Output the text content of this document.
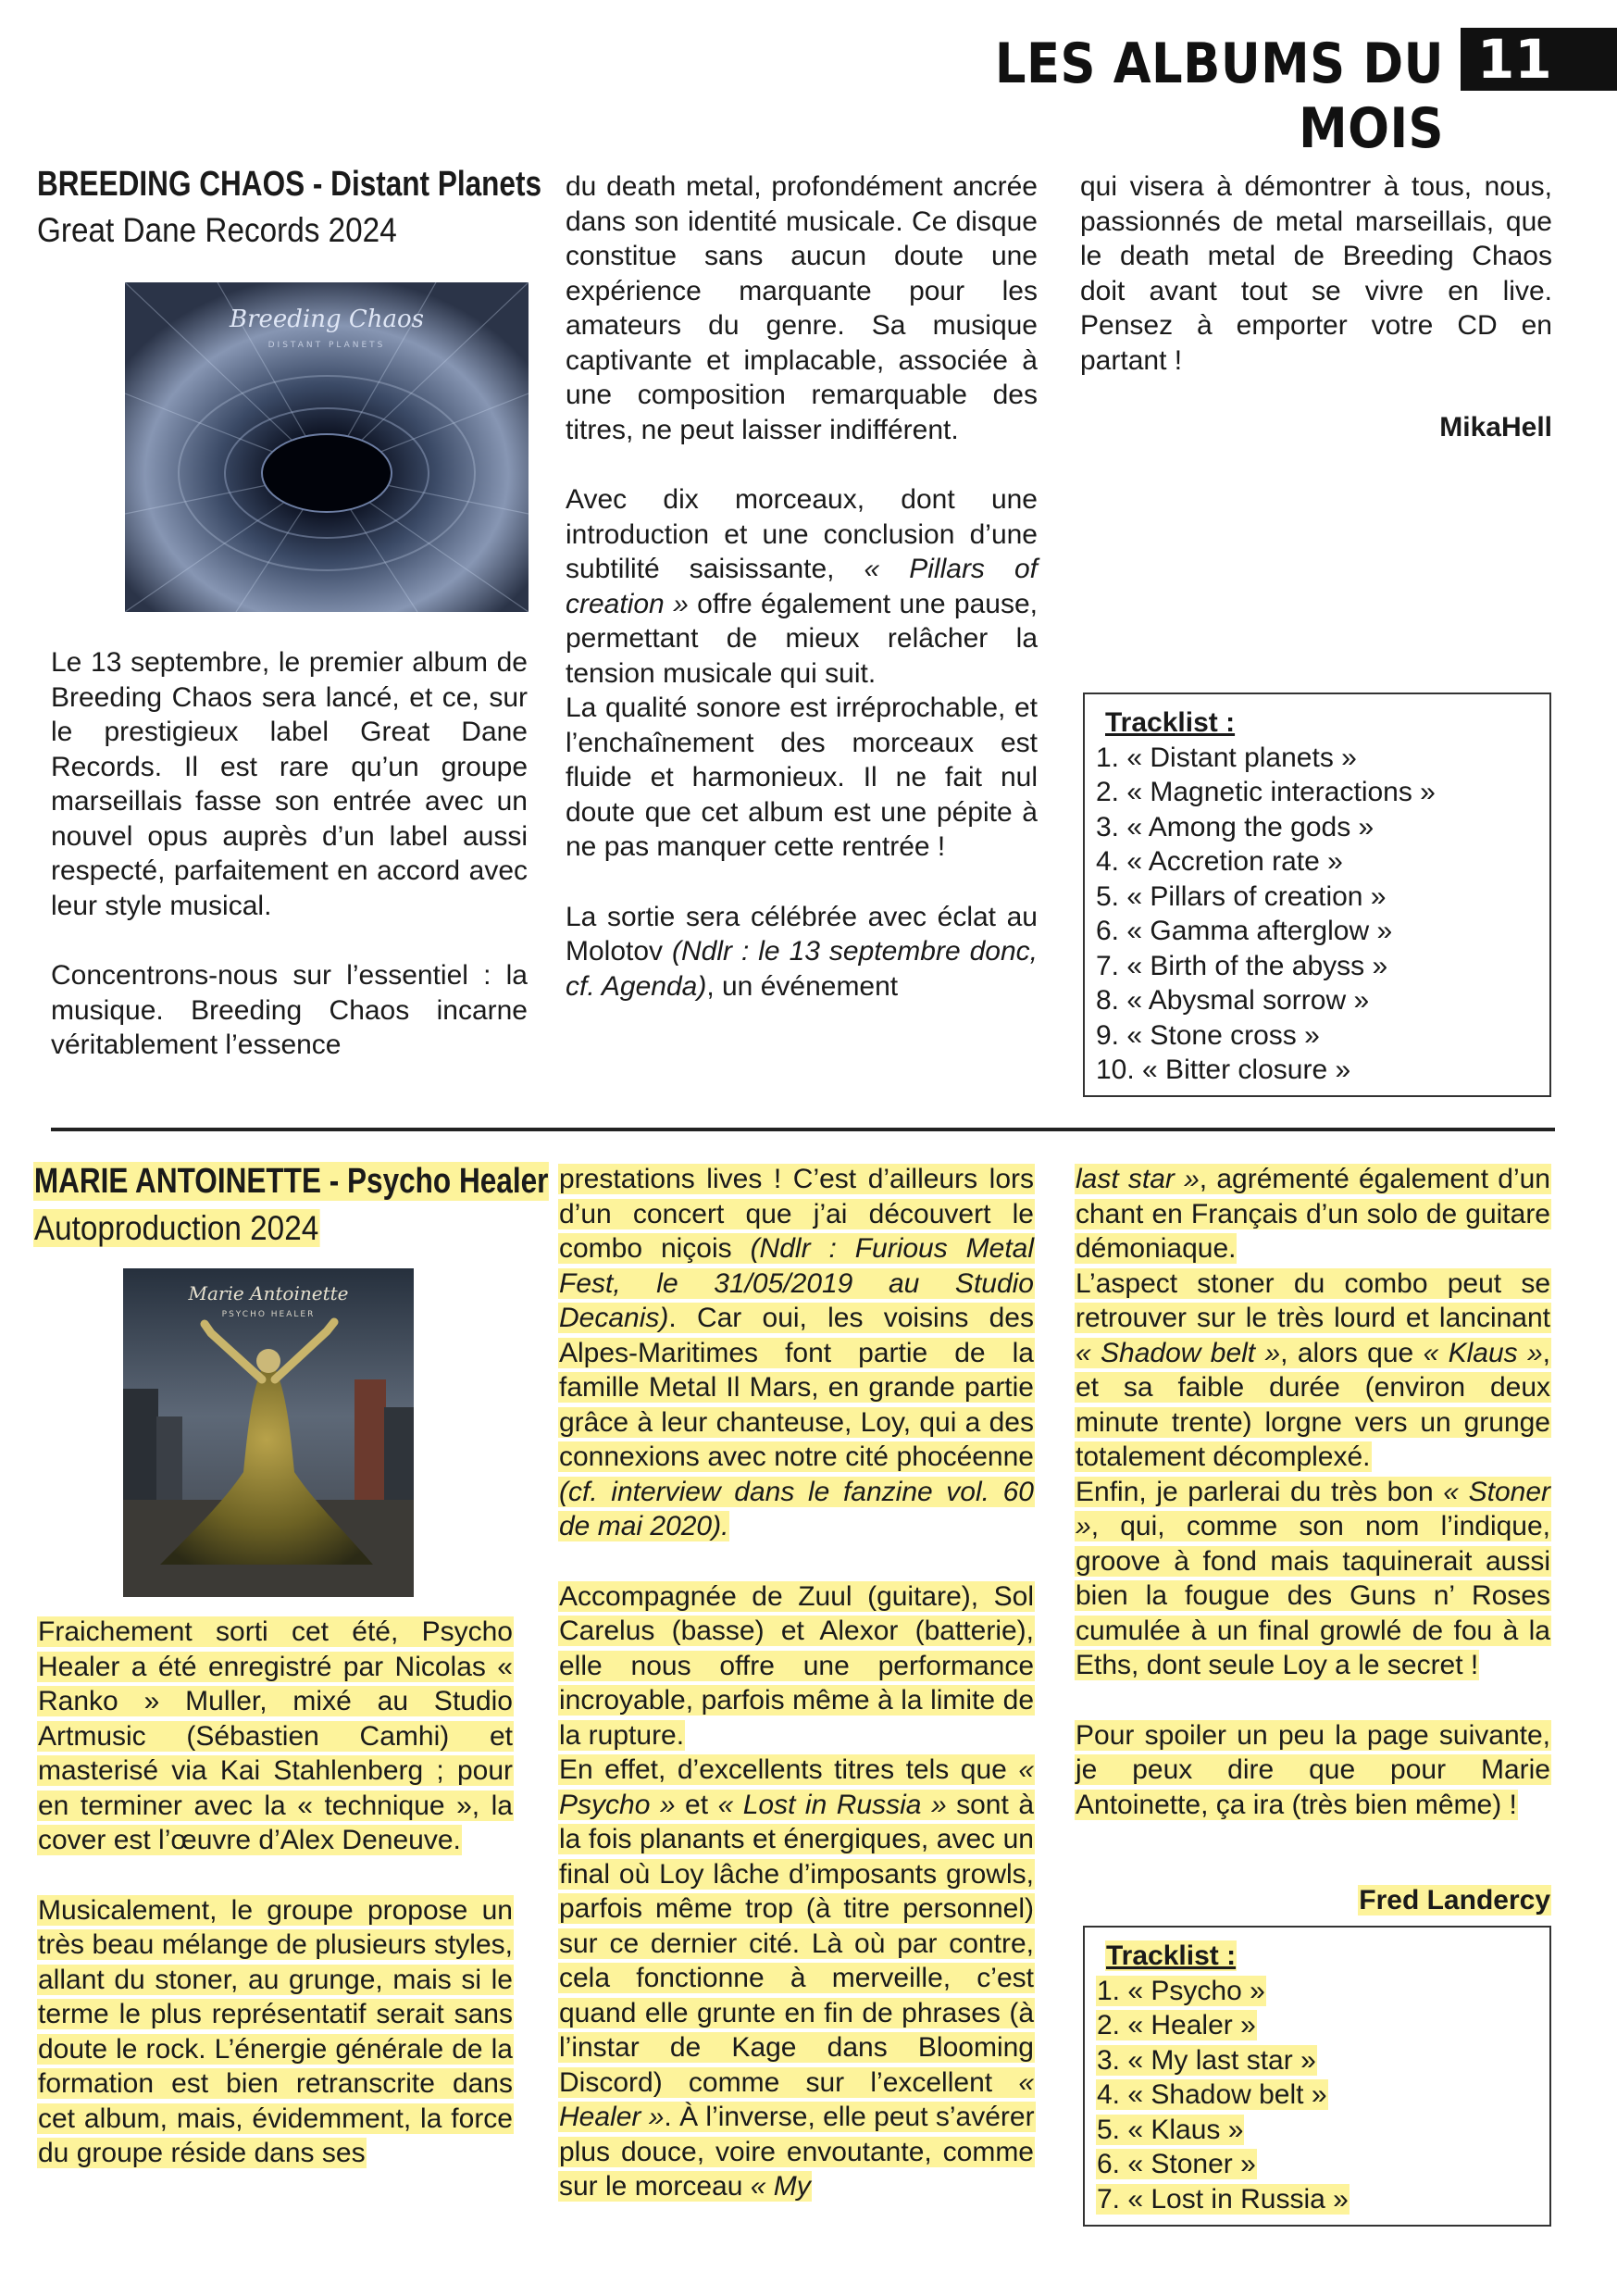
LES ALBUMS DU MOIS
11
BREEDING CHAOS - Distant Planets
Great Dane Records 2024
Breeding Chaos
DISTANT PLANETS

Le 13 septembre, le premier album de Breeding Chaos sera lancé, et ce, sur le prestigieux label Great Dane Records. Il est rare qu’un groupe marseillais fasse son entrée avec un nouvel opus auprès d’un label aussi respecté, parfaitement en accord avec leur style musical.

Concentrons-nous sur l’essentiel : la musique. Breeding Chaos incarne véritablement l’essence

du death metal, profondément ancrée dans son identité musicale. Ce disque constitue sans aucun doute une expérience marquante pour les amateurs du genre. Sa musique captivante et implacable, associée à une composition remarquable des titres, ne peut laisser indifférent.

Avec dix morceaux, dont une introduction et une conclusion d’une subtilité saisissante, « Pillars of creation » offre également une pause, permettant de mieux relâcher la tension musicale qui suit.

La qualité sonore est irréprochable, et l’enchaînement des morceaux est fluide et harmonieux. Il ne fait nul doute que cet album est une pépite à ne pas manquer cette rentrée !

La sortie sera célébrée avec éclat au Molotov (Ndlr : le 13 septembre donc, cf. Agenda), un événement

qui visera à démontrer à tous, nous, passionnés de metal marseillais, que le death metal de Breeding Chaos doit avant tout se vivre en live. Pensez à emporter votre CD en partant !

MikaHell
Tracklist :
1. « Distant planets »
2. « Magnetic interactions »
3. « Among the gods »
4. « Accretion rate »
5. « Pillars of creation »
6. « Gamma afterglow »
7. « Birth of the abyss »
8. « Abysmal sorrow »
9. « Stone cross »
10. « Bitter closure »
MARIE ANTOINETTE - Psycho Healer
Autoproduction 2024
Marie Antoinette
PSYCHO HEALER

Fraichement sorti cet été, Psycho Healer a été enregistré par Nicolas « Ranko » Muller, mixé au Studio Artmusic (Sébastien Camhi) et masterisé via Kai Stahlenberg ; pour en terminer avec la « technique », la cover est l’œuvre d’Alex Deneuve.

Musicalement, le groupe propose un très beau mélange de plusieurs styles, allant du stoner, au grunge, mais si le terme le plus représentatif serait sans doute le rock. L’énergie générale de la formation est bien retranscrite dans cet album, mais, évidemment, la force du groupe réside dans ses

prestations lives ! C’est d’ailleurs lors d’un concert que j’ai découvert le combo niçois (Ndlr : Furious Metal Fest, le 31/05/2019 au Studio Decanis). Car oui, les voisins des Alpes-Maritimes font partie de la famille Metal Il Mars, en grande partie grâce à leur chanteuse, Loy, qui a des connexions avec notre cité phocéenne (cf. interview dans le fanzine vol. 60 de mai 2020).

Accompagnée de Zuul (guitare), Sol Carelus (basse) et Alexor (batterie), elle nous offre une performance incroyable, parfois même à la limite de la rupture.

En effet, d’excellents titres tels que « Psycho » et « Lost in Russia » sont à la fois planants et énergiques, avec un final où Loy lâche d’imposants growls, parfois même trop (à titre personnel) sur ce dernier cité. Là où par contre, cela fonctionne à merveille, c’est quand elle grunte en fin de phrases (à l’instar de Kage dans Blooming Discord) comme sur l’excellent « Healer ». À l’inverse, elle peut s’avérer plus douce, voire envoutante, comme sur le morceau « My

last star », agrémenté également d’un chant en Français d’un solo de guitare démoniaque.

L’aspect stoner du combo peut se retrouver sur le très lourd et lancinant « Shadow belt », alors que « Klaus », et sa faible durée (environ deux minute trente) lorgne vers un grunge totalement décomplexé.

Enfin, je parlerai du très bon « Stoner », qui, comme son nom l’indique, groove à fond mais taquinerait aussi bien la fougue des Guns n’ Roses cumulée à un final growlé de fou à la Eths, dont seule Loy a le secret !

Pour spoiler un peu la page suivante, je peux dire que pour Marie Antoinette, ça ira (très bien même) !

Fred Landercy
Tracklist :
1. « Psycho »
2. « Healer »
3. « My last star »
4. « Shadow belt »
5. « Klaus »
6. « Stoner »
7. « Lost in Russia »
